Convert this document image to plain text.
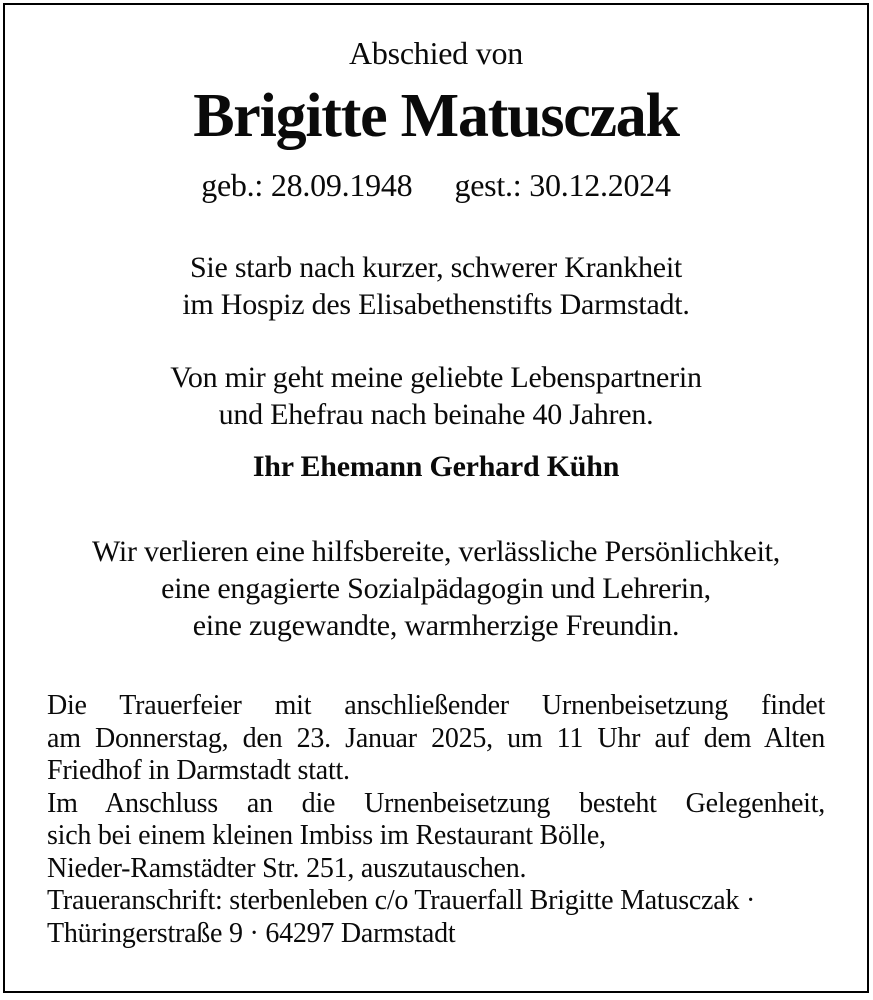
Abschied von
Brigitte Matusczak
geb.: 28.09.1948 gest.: 30.12.2024
Sie starb nach kurzer, schwerer Krankheit
im Hospiz des Elisabethenstifts Darmstadt.
Von mir geht meine geliebte Lebenspartnerin
und Ehefrau nach beinahe 40 Jahren.
Ihr Ehemann Gerhard Kühn
Wir verlieren eine hilfsbereite, verlässliche Persönlichkeit,
eine engagierte Sozialpädagogin und Lehrerin,
eine zugewandte, warmherzige Freundin.
Die Trauerfeier mit anschließender Urnenbeisetzung findet
am Donnerstag, den 23. Januar 2025, um 11 Uhr auf dem Alten
Friedhof in Darmstadt statt.
Im Anschluss an die Urnenbeisetzung besteht Gelegenheit,
sich bei einem kleinen Imbiss im Restaurant Bölle,
Nieder-Ramstädter Str. 251, auszutauschen.
Traueranschrift: sterbenleben c/o Trauerfall Brigitte Matusczak ·
Thüringerstraße 9 · 64297 Darmstadt
